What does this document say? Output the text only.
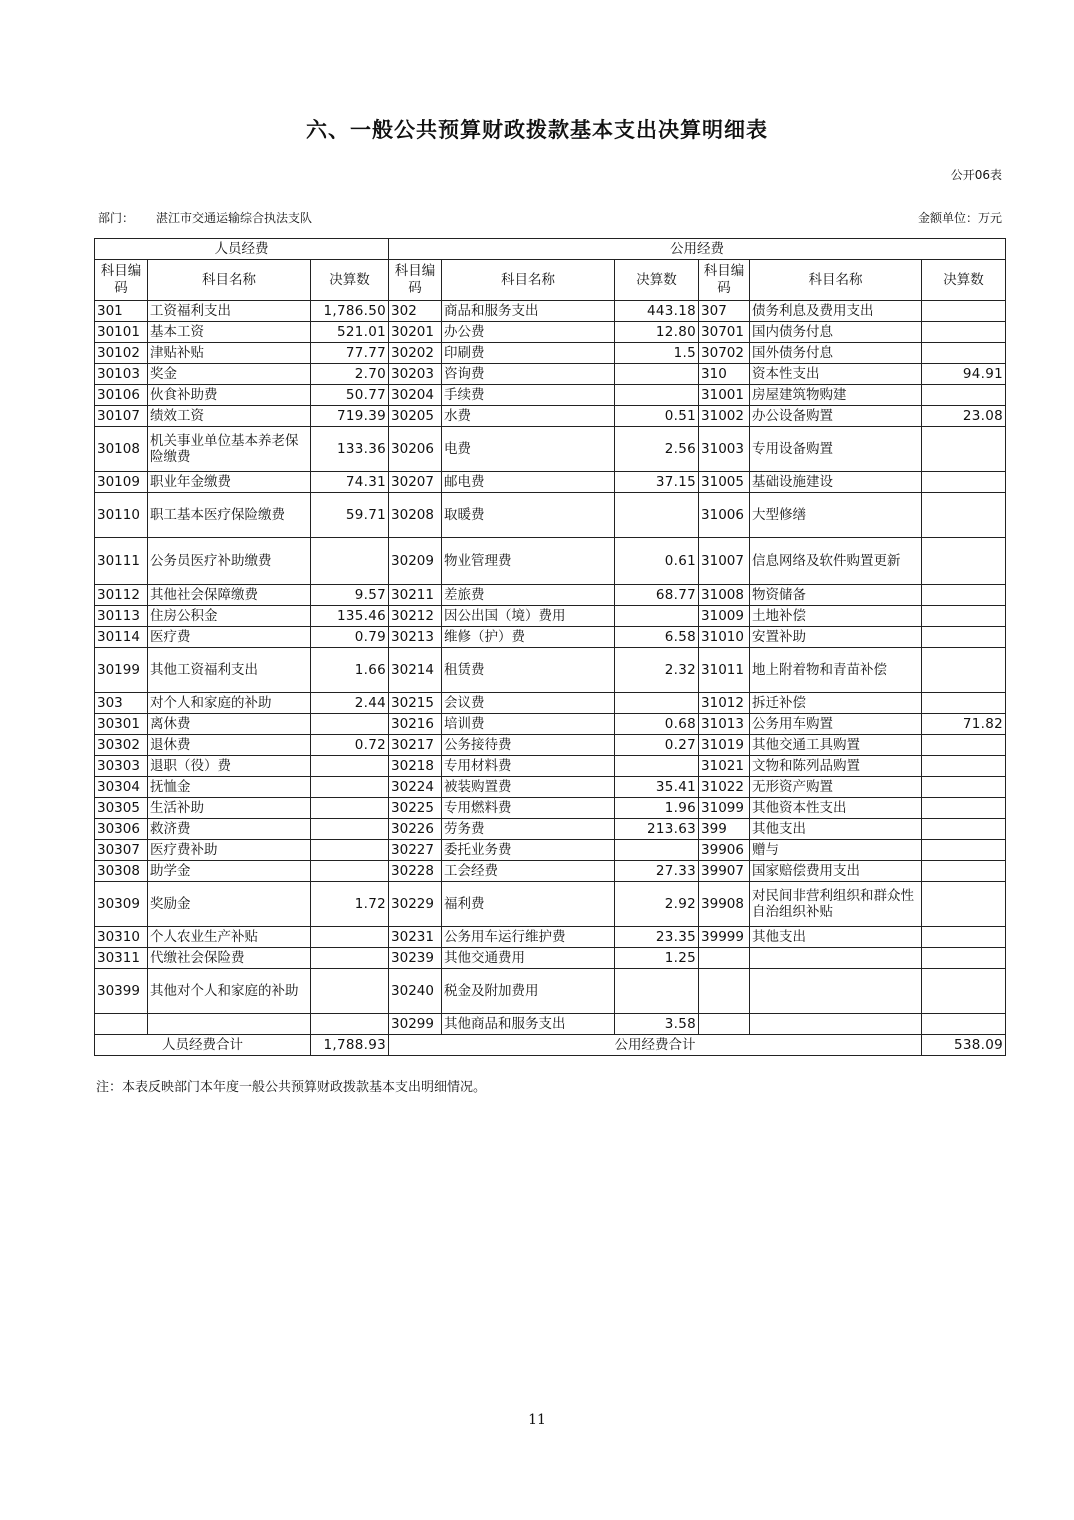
六、一般公共预算财政拨款基本支出决算明细表
公开06表
部门： 湛江市交通运输综合执法支队	金额单位：万元
人员经费			公用经费					
科目编码	科目名称	决算数	科目编码	科目名称	决算数	科目编码	科目名称	决算数
301	工资福利支出	1,786.50	302	商品和服务支出	443.18	307	债务利息及费用支出	
30101	基本工资	521.01	30201	办公费	12.80	30701	国内债务付息	
30102	津贴补贴	77.77	30202	印刷费	1.5	30702	国外债务付息	
30103	奖金	2.70	30203	咨询费		310	资本性支出	94.91
30106	伙食补助费	50.77	30204	手续费		31001	房屋建筑物购建	
30107	绩效工资	719.39	30205	水费	0.51	31002	办公设备购置	23.08
30108	机关事业单位基本养老保险缴费	133.36	30206	电费	2.56	31003	专用设备购置	
30109	职业年金缴费	74.31	30207	邮电费	37.15	31005	基础设施建设	
30110	职工基本医疗保险缴费	59.71	30208	取暖费		31006	大型修缮	
30111	公务员医疗补助缴费		30209	物业管理费	0.61	31007	信息网络及软件购置更新	
30112	其他社会保障缴费	9.57	30211	差旅费	68.77	31008	物资储备	
30113	住房公积金	135.46	30212	因公出国（境）费用		31009	土地补偿	
30114	医疗费	0.79	30213	维修（护）费	6.58	31010	安置补助	
30199	其他工资福利支出	1.66	30214	租赁费	2.32	31011	地上附着物和青苗补偿	
303	对个人和家庭的补助	2.44	30215	会议费		31012	拆迁补偿	
30301	离休费		30216	培训费	0.68	31013	公务用车购置	71.82
30302	退休费	0.72	30217	公务接待费	0.27	31019	其他交通工具购置	
30303	退职（役）费		30218	专用材料费		31021	文物和陈列品购置	
30304	抚恤金		30224	被装购置费	35.41	31022	无形资产购置	
30305	生活补助		30225	专用燃料费	1.96	31099	其他资本性支出	
30306	救济费		30226	劳务费	213.63	399	其他支出	
30307	医疗费补助		30227	委托业务费		39906	赠与	
30308	助学金		30228	工会经费	27.33	39907	国家赔偿费用支出	
30309	奖励金	1.72	30229	福利费	2.92	39908	对民间非营利组织和群众性自治组织补贴	
30310	个人农业生产补贴		30231	公务用车运行维护费	23.35	39999	其他支出	
30311	代缴社会保险费		30239	其他交通费用	1.25			
30399	其他对个人和家庭的补助		30240	税金及附加费用				
			30299	其他商品和服务支出	3.58			
人员经费合计		1,788.93	公用经费合计					538.09
注：本表反映部门本年度一般公共预算财政拨款基本支出明细情况。
11
